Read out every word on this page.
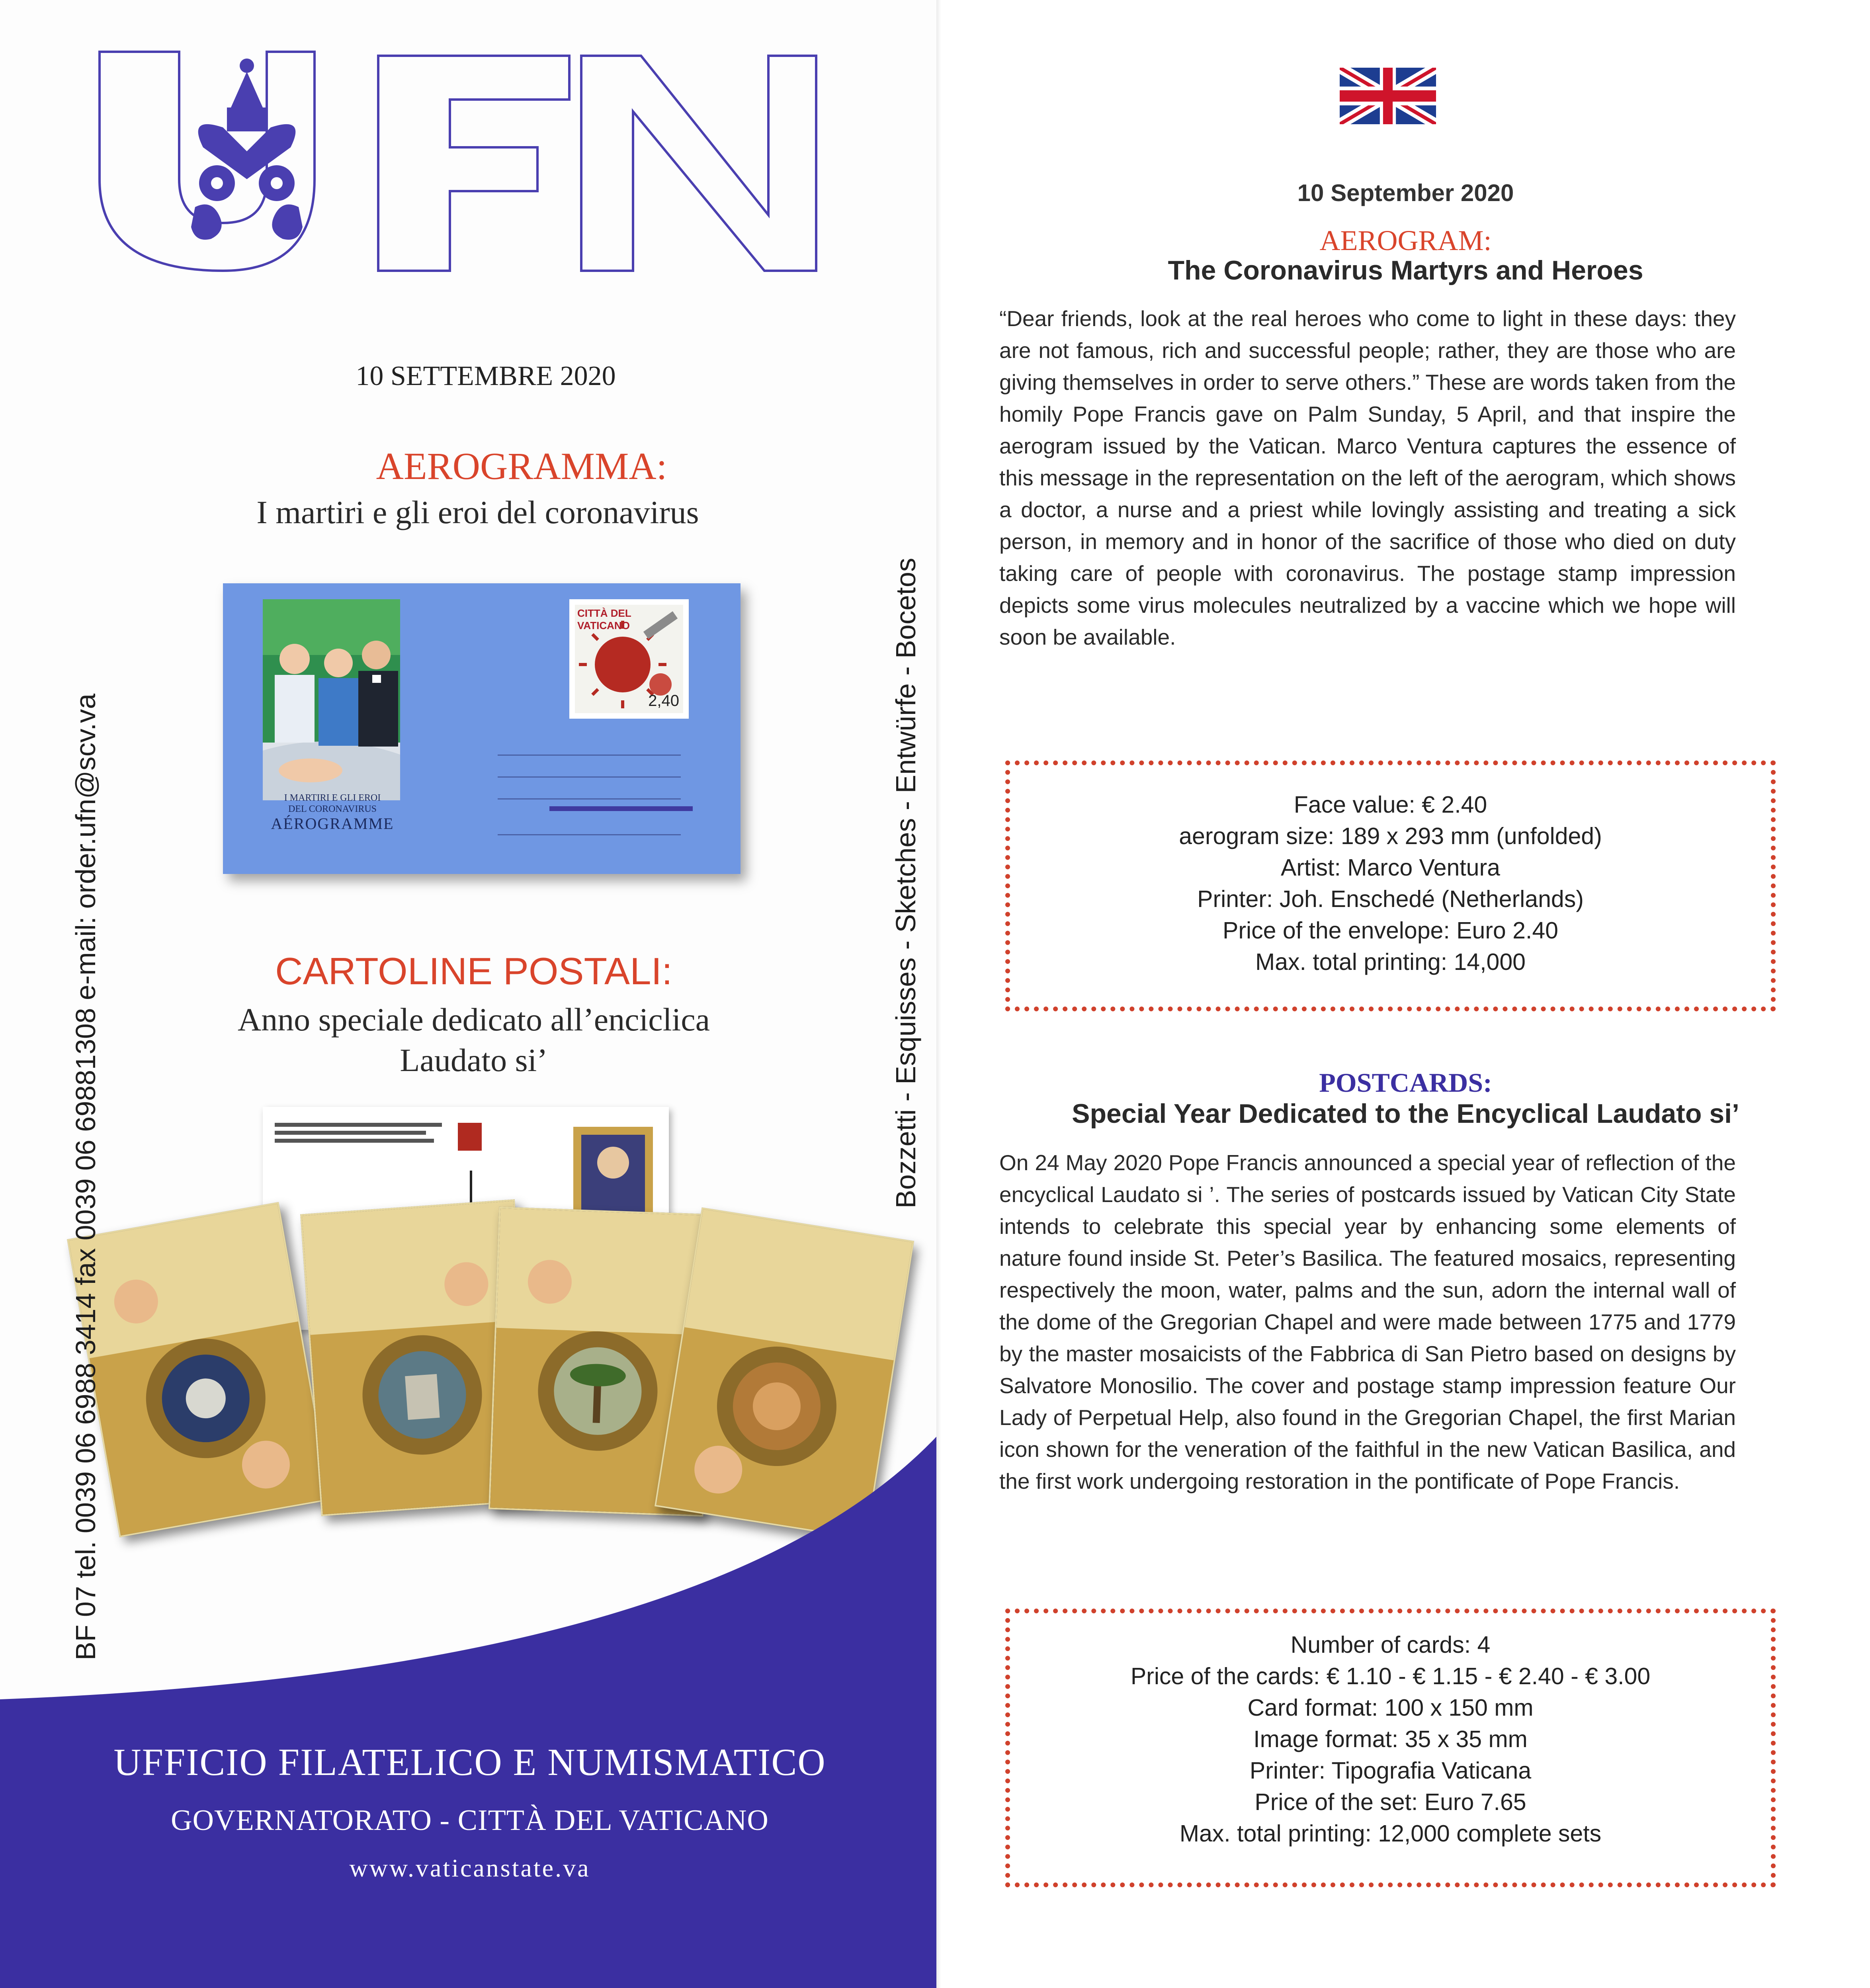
10 SETTEMBRE 2020
AEROGRAMMA:
I martiri e gli eroi del coronavirus
I MARTIRI E GLI EROI
DEL CORONAVIRUS
AÉROGRAMME
CITTÀ DEL VATICANO
2,40
CARTOLINE POSTALI:
Anno speciale dedicato all’enciclica
Laudato si’
UFFICIO FILATELICO E NUMISMATICO
GOVERNATORATO - CITTÀ DEL VATICANO
www.vaticanstate.va
BF 07 tel. 0039 06 6988 3414 fax 0039 06 69881308 e-mail: order.ufn@scv.va	Bozzetti - Esquisses - Sketches - Entwürfe - Bocetos
10 September 2020
AEROGRAM:
The Coronavirus Martyrs and Heroes
“Dear friends, look at the real heroes who come to light in these days: they are not famous, rich and successful people; rather, they are those who are giving themselves in order to serve others.” These are words taken from the homily Pope Francis gave on Palm Sunday, 5 April, and that inspire the aerogram issued by the Vatican. Marco Ventura captures the essence of this message in the representation on the left of the aerogram, which shows a doctor, a nurse and a priest while lovingly assisting and treating a sick person, in memory and in honor of the sacrifice of those who died on duty taking care of people with coronavirus. The postage stamp impression depicts some virus molecules neutralized by a vaccine which we hope will soon be available.
Face value: € 2.40
aerogram size: 189 x 293 mm (unfolded)
Artist: Marco Ventura
Printer: Joh. Enschedé (Netherlands)
Price of the envelope: Euro 2.40
Max. total printing: 14,000
POSTCARDS:
Special Year Dedicated to the Encyclical Laudato si’
On 24 May 2020 Pope Francis announced a special year of reflection of the encyclical Laudato si ’. The series of postcards issued by Vatican City State intends to celebrate this special year by enhancing some elements of nature found inside St. Peter’s Basilica. The featured mosaics, representing respectively the moon, water, palms and the sun, adorn the internal wall of the dome of the Gregorian Chapel and were made between 1775 and 1779 by the master mosaicists of the Fabbrica di San Pietro based on designs by Salvatore Monosilio. The cover and postage stamp impression feature Our Lady of Perpetual Help, also found in the Gregorian Chapel, the first Marian icon shown for the veneration of the faithful in the new Vatican Basilica, and the first work undergoing restoration in the pontificate of Pope Francis.
Number of cards: 4
Price of the cards: € 1.10 - € 1.15 - € 2.40 - € 3.00
Card format: 100 x 150 mm
Image format: 35 x 35 mm
Printer: Tipografia Vaticana
Price of the set: Euro 7.65
Max. total printing: 12,000 complete sets
